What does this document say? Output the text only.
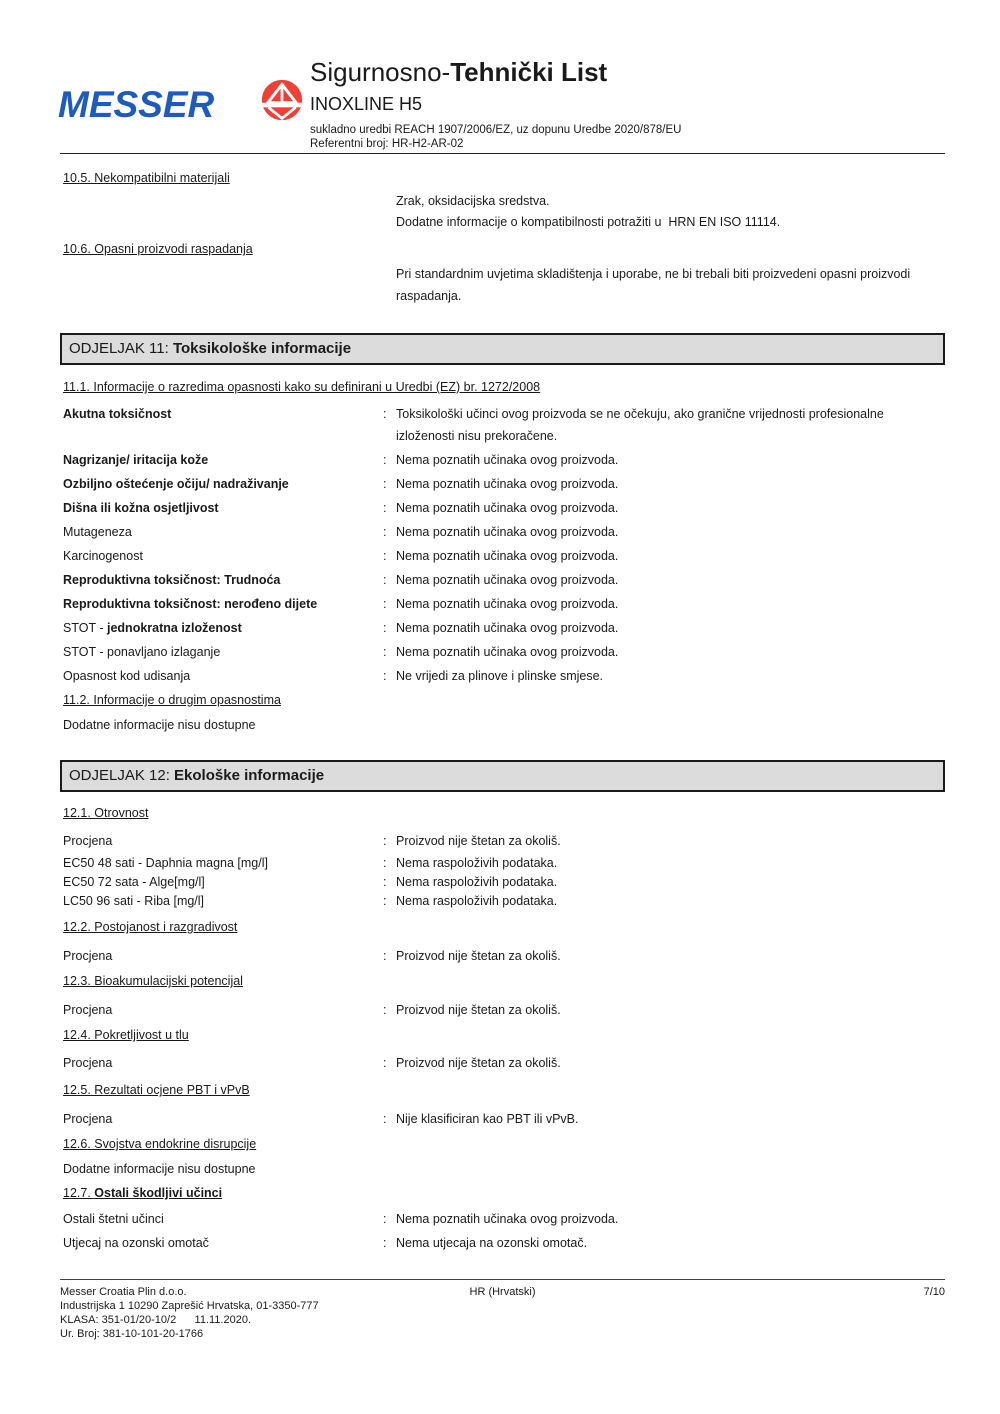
MESSER
Sigurnosno-Tehnički List
INOXLINE H5
sukladno uredbi REACH 1907/2006/EZ, uz dopunu Uredbe 2020/878/EU
Referentni broj: HR-H2-AR-02
10.5. Nekompatibilni materijali
Zrak, oksidacijska sredstva.
Dodatne informacije o kompatibilnosti potražiti u  HRN EN ISO 11114.
10.6. Opasni proizvodi raspadanja
Pri standardnim uvjetima skladištenja i uporabe, ne bi trebali biti proizvedeni opasni proizvodi raspadanja.
ODJELJAK 11: Toksikološke informacije
11.1. Informacije o razredima opasnosti kako su definirani u Uredbi (EZ) br. 1272/2008
Akutna toksičnost	: Toksikološki učinci ovog proizvoda se ne očekuju, ako granične vrijednosti profesionalne izloženosti nisu prekoračene.
Nagrizanje/ iritacija kože	: Nema poznatih učinaka ovog proizvoda.
Ozbiljno oštećenje očiju/ nadraživanje	: Nema poznatih učinaka ovog proizvoda.
Dišna ili kožna osjetljivost	: Nema poznatih učinaka ovog proizvoda.
Mutageneza	: Nema poznatih učinaka ovog proizvoda.
Karcinogenost	: Nema poznatih učinaka ovog proizvoda.
Reproduktivna toksičnost: Trudnoća	: Nema poznatih učinaka ovog proizvoda.
Reproduktivna toksičnost: nerođeno dijete	: Nema poznatih učinaka ovog proizvoda.
STOT - jednokratna izloženost	: Nema poznatih učinaka ovog proizvoda.
STOT - ponavljano izlaganje	: Nema poznatih učinaka ovog proizvoda.
Opasnost kod udisanja	: Ne vrijedi za plinove i plinske smjese.
11.2. Informacije o drugim opasnostima
Dodatne informacije nisu dostupne
ODJELJAK 12: Ekološke informacije
12.1. Otrovnost
Procjena	: Proizvod nije štetan za okoliš.
EC50 48 sati - Daphnia magna [mg/l]	: Nema raspoloživih podataka.
EC50 72 sata - Alge[mg/l]	: Nema raspoloživih podataka.
LC50 96 sati - Riba [mg/l]	: Nema raspoloživih podataka.
12.2. Postojanost i razgradivost
Procjena	: Proizvod nije štetan za okoliš.
12.3. Bioakumulacijski potencijal
Procjena	: Proizvod nije štetan za okoliš.
12.4. Pokretljivost u tlu
Procjena	: Proizvod nije štetan za okoliš.
12.5. Rezultati ocjene PBT i vPvB
Procjena	: Nije klasificiran kao PBT ili vPvB.
12.6. Svojstva endokrine disrupcije
Dodatne informacije nisu dostupne
12.7. Ostali škodljivi učinci
Ostali štetni učinci	: Nema poznatih učinaka ovog proizvoda.
Utjecaj na ozonski omotač	: Nema utjecaja na ozonski omotač.
Messer Croatia Plin d.o.o.	HR (Hrvatski)	7/10
Industrijska 1 10290 Zaprešić Hrvatska, 01-3350-777
KLASA: 351-01/20-10/2      11.11.2020.
Ur. Broj: 381-10-101-20-1766
